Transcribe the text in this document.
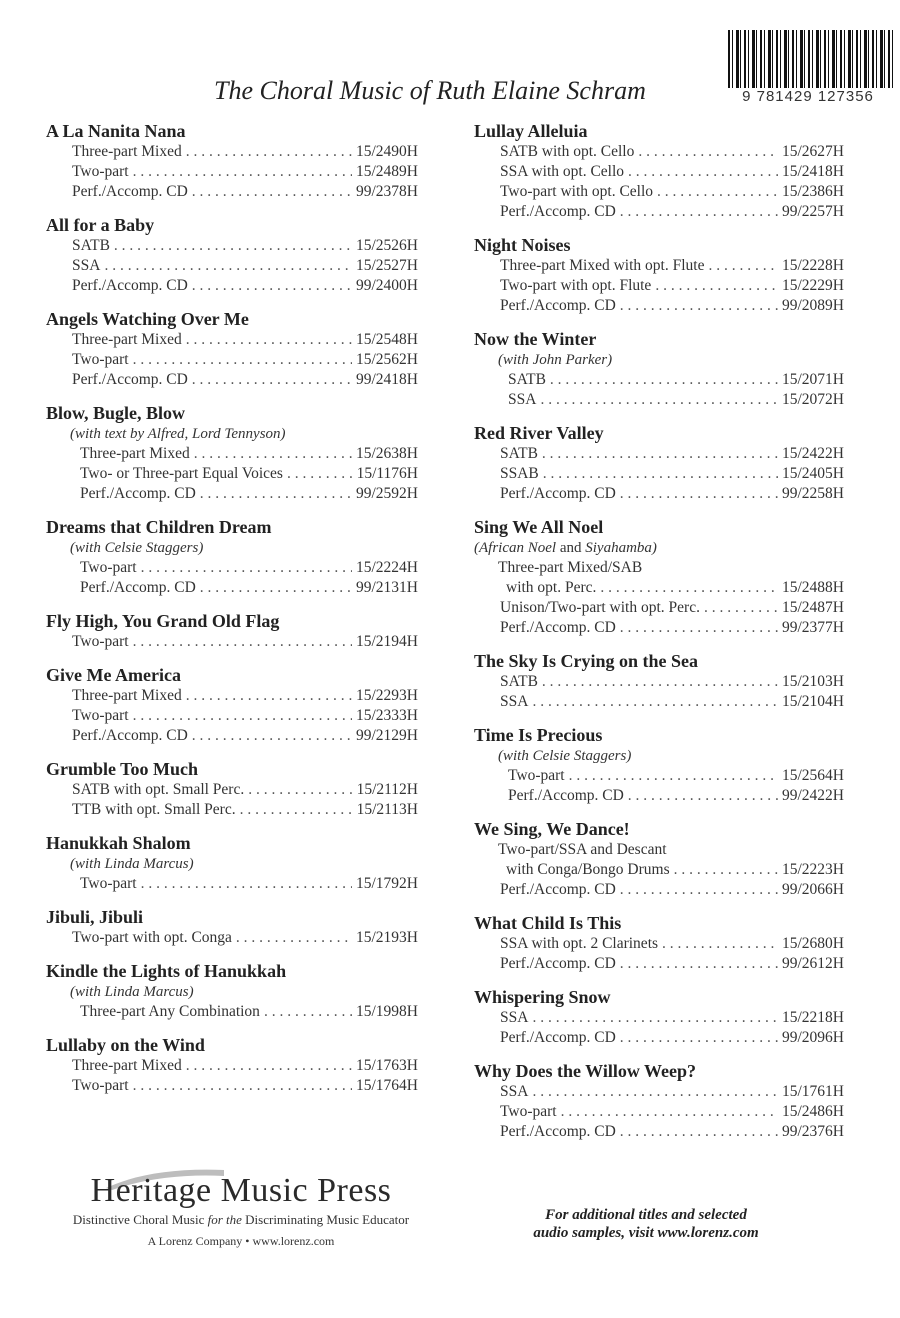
9 781429 127356
The Choral Music of Ruth Elaine Schram
A La Nanita Nana
Three-part Mixed . . .	15/2490H
Two-part . . .	15/2489H
Perf./Accomp. CD . . .	99/2378H
All for a Baby
SATB . . .	15/2526H
SSA . . .	15/2527H
Perf./Accomp. CD . . .	99/2400H
Angels Watching Over Me
Three-part Mixed . . .	15/2548H
Two-part . . .	15/2562H
Perf./Accomp. CD . . .	99/2418H
Blow, Bugle, Blow
(with text by Alfred, Lord Tennyson)
Three-part Mixed . . .	15/2638H
Two- or Three-part Equal Voices . . .	15/1176H
Perf./Accomp. CD . . .	99/2592H
Dreams that Children Dream
(with Celsie Staggers)
Two-part . . .	15/2224H
Perf./Accomp. CD . . .	99/2131H
Fly High, You Grand Old Flag
Two-part . . .	15/2194H
Give Me America
Three-part Mixed . . .	15/2293H
Two-part . . .	15/2333H
Perf./Accomp. CD . . .	99/2129H
Grumble Too Much
SATB with opt. Small Perc. . . .	15/2112H
TTB with opt. Small Perc. . . .	15/2113H
Hanukkah Shalom
(with Linda Marcus)
Two-part . . .	15/1792H
Jibuli, Jibuli
Two-part with opt. Conga . . .	15/2193H
Kindle the Lights of Hanukkah
(with Linda Marcus)
Three-part Any Combination . . .	15/1998H
Lullaby on the Wind
Three-part Mixed . . .	15/1763H
Two-part . . .	15/1764H
Lullay Alleluia
SATB with opt. Cello . . .	15/2627H
SSA with opt. Cello . . .	15/2418H
Two-part with opt. Cello . . .	15/2386H
Perf./Accomp. CD . . .	99/2257H
Night Noises
Three-part Mixed with opt. Flute . . .	15/2228H
Two-part with opt. Flute . . .	15/2229H
Perf./Accomp. CD . . .	99/2089H
Now the Winter
(with John Parker)
SATB . . .	15/2071H
SSA . . .	15/2072H
Red River Valley
SATB . . .	15/2422H
SSAB . . .	15/2405H
Perf./Accomp. CD . . .	99/2258H
Sing We All Noel
(African Noel and Siyahamba)
Three-part Mixed/SAB
with opt. Perc. . . .	15/2488H
Unison/Two-part with opt. Perc. . . .	15/2487H
Perf./Accomp. CD . . .	99/2377H
The Sky Is Crying on the Sea
SATB . . .	15/2103H
SSA . . .	15/2104H
Time Is Precious
(with Celsie Staggers)
Two-part . . .	15/2564H
Perf./Accomp. CD . . .	99/2422H
We Sing, We Dance!
Two-part/SSA and Descant
with Conga/Bongo Drums . . .	15/2223H
Perf./Accomp. CD . . .	99/2066H
What Child Is This
SSA with opt. 2 Clarinets . . .	15/2680H
Perf./Accomp. CD . . .	99/2612H
Whispering Snow
SSA . . .	15/2218H
Perf./Accomp. CD . . .	99/2096H
Why Does the Willow Weep?
SSA . . .	15/1761H
Two-part . . .	15/2486H
Perf./Accomp. CD . . .	99/2376H
Heritage Music Press
Distinctive Choral Music for the Discriminating Music Educator
A Lorenz Company • www.lorenz.com
For additional titles and selected
audio samples, visit www.lorenz.com
